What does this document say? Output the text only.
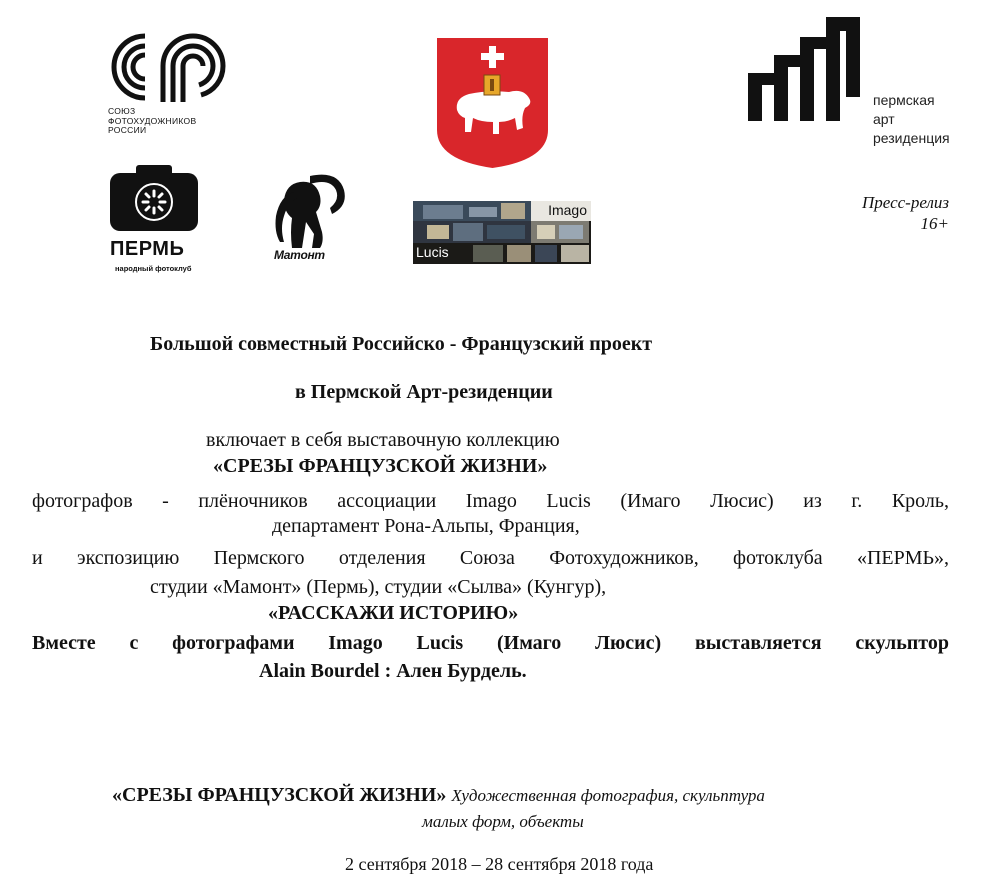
СОЮЗ
ФОТОХУДОЖНИКОВ
РОССИИ
пермская
арт
резиденция
ПЕРМЬ
народный фотоклуб
Mamoнm
Imago
Lucis
Пресс-релиз
16+
Большой совместный Российско - Французский проект
в Пермской Арт-резиденции
включает в себя выставочную коллекцию
«СРЕЗЫ ФРАНЦУЗСКОЙ ЖИЗНИ»
фотографов - плёночников ассоциации Imago Lucis (Имаго Люсис) из г. Кроль,
департамент Рона-Альпы, Франция,
и экспозицию Пермского отделения Союза Фотохудожников, фотоклуба «ПЕРМЬ»,
студии «Мамонт» (Пермь), студии «Сылва» (Кунгур),
«РАССКАЖИ ИСТОРИЮ»
Вместе с фотографами Imago Lucis (Имаго Люсис) выставляется скульптор
Alain Bourdel : Ален Бурдель.
«СРЕЗЫ ФРАНЦУЗСКОЙ ЖИЗНИ» Художественная фотография, скульптура
малых форм, объекты
2 сентября 2018 – 28 сентября 2018 года
